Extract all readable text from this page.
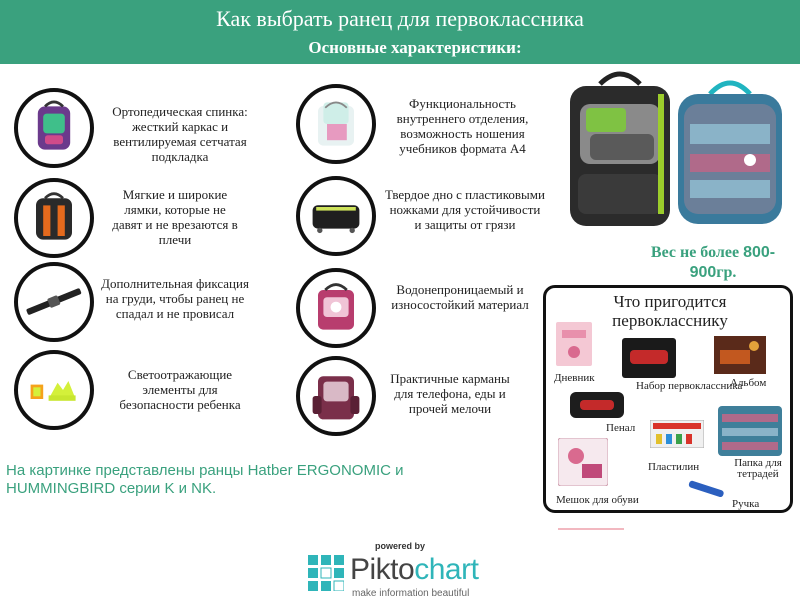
Как выбрать ранец для первоклассника
Основные характеристики:
Ортопедическая спинка: жесткий каркас и вентилируемая сетчатая подкладка
Мягкие и широкие лямки, которые не давят и не врезаются в плечи
Дополнительная фиксация на груди, чтобы ранец не спадал и не провисал
Светоотражающие элементы для безопасности ребенка
Функциональность внутреннего отделения, возможность ношения учебников формата А4
Твердое дно с пластиковыми ножками для устойчивости и защиты от грязи
Водонепроницаемый и износостойкий материал
Практичные карманы для телефона, еды и прочей мелочи
Вес не более 800-900гр.
На картинке представлены ранцы Hatber ERGONOMIC и HUMMINGBIRD серии K и NK.
Что пригодится первокласснику
Дневник
Набор первоклассника
Альбом
Пенал
Пластилин	Папка для тетрадей
Мешок для обуви	Ручка
powered by
Piktochart
make information beautiful
